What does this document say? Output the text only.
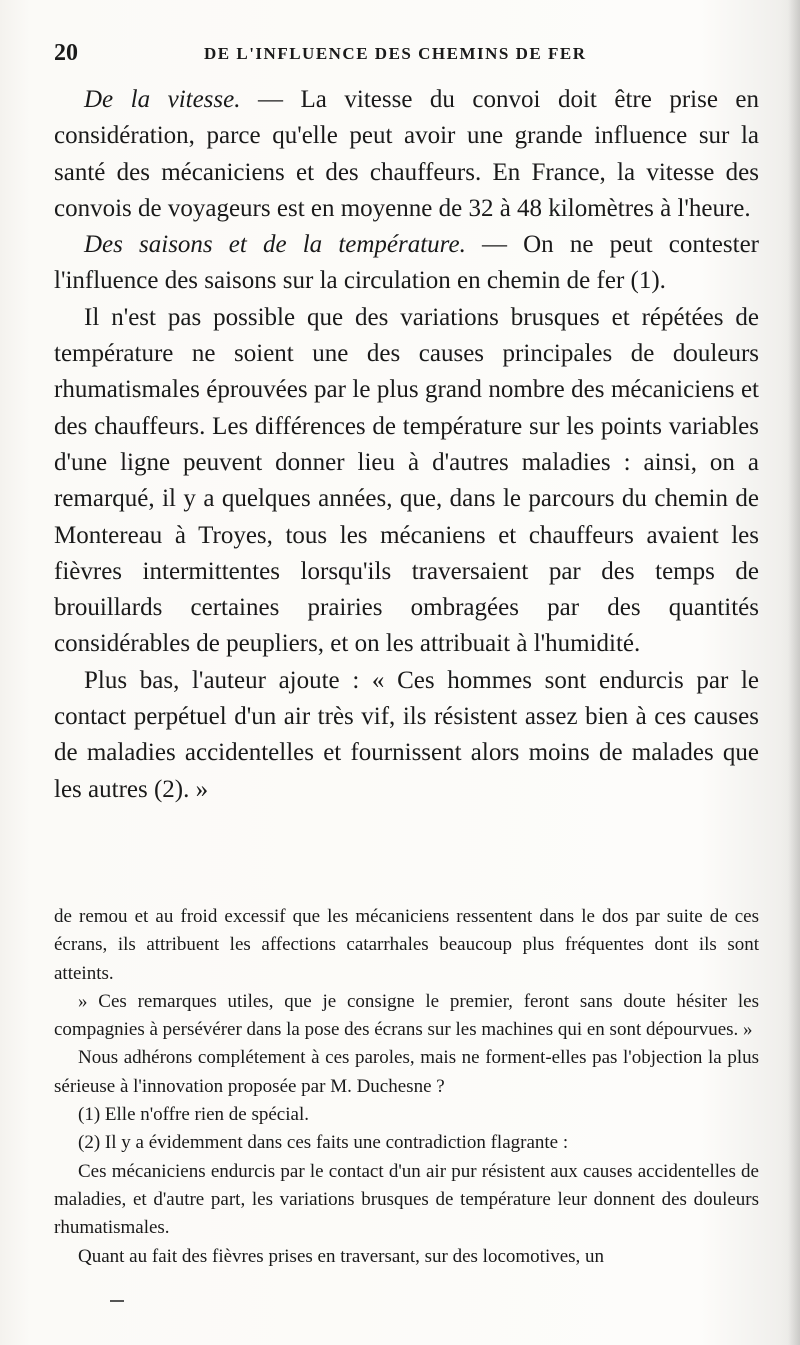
20	DE L'INFLUENCE DES CHEMINS DE FER

De la vitesse. — La vitesse du convoi doit être prise en considération, parce qu'elle peut avoir une grande influence sur la santé des mécaniciens et des chauffeurs. En France, la vitesse des convois de voyageurs est en moyenne de 32 à 48 kilomètres à l'heure.

Des saisons et de la température. — On ne peut contester l'influence des saisons sur la circulation en chemin de fer (1).

Il n'est pas possible que des variations brusques et répétées de température ne soient une des causes principales de douleurs rhumatismales éprouvées par le plus grand nombre des mécaniciens et des chauffeurs. Les différences de température sur les points variables d'une ligne peuvent donner lieu à d'autres maladies : ainsi, on a remarqué, il y a quelques années, que, dans le parcours du chemin de Montereau à Troyes, tous les mécaniens et chauffeurs avaient les fièvres intermittentes lorsqu'ils traversaient par des temps de brouillards certaines prairies ombragées par des quantités considérables de peupliers, et on les attribuait à l'humidité.

Plus bas, l'auteur ajoute : « Ces hommes sont endurcis par le contact perpétuel d'un air très vif, ils résistent assez bien à ces causes de maladies accidentelles et fournissent alors moins de malades que les autres (2). »

de remou et au froid excessif que les mécaniciens ressentent dans le dos par suite de ces écrans, ils attribuent les affections catarrhales beaucoup plus fréquentes dont ils sont atteints.

» Ces remarques utiles, que je consigne le premier, feront sans doute hésiter les compagnies à persévérer dans la pose des écrans sur les machines qui en sont dépourvues. »

Nous adhérons complétement à ces paroles, mais ne forment-elles pas l'objection la plus sérieuse à l'innovation proposée par M. Duchesne ?

(1) Elle n'offre rien de spécial.

(2) Il y a évidemment dans ces faits une contradiction flagrante :

Ces mécaniciens endurcis par le contact d'un air pur résistent aux causes accidentelles de maladies, et d'autre part, les variations brusques de température leur donnent des douleurs rhumatismales.

Quant au fait des fièvres prises en traversant, sur des locomotives, un
